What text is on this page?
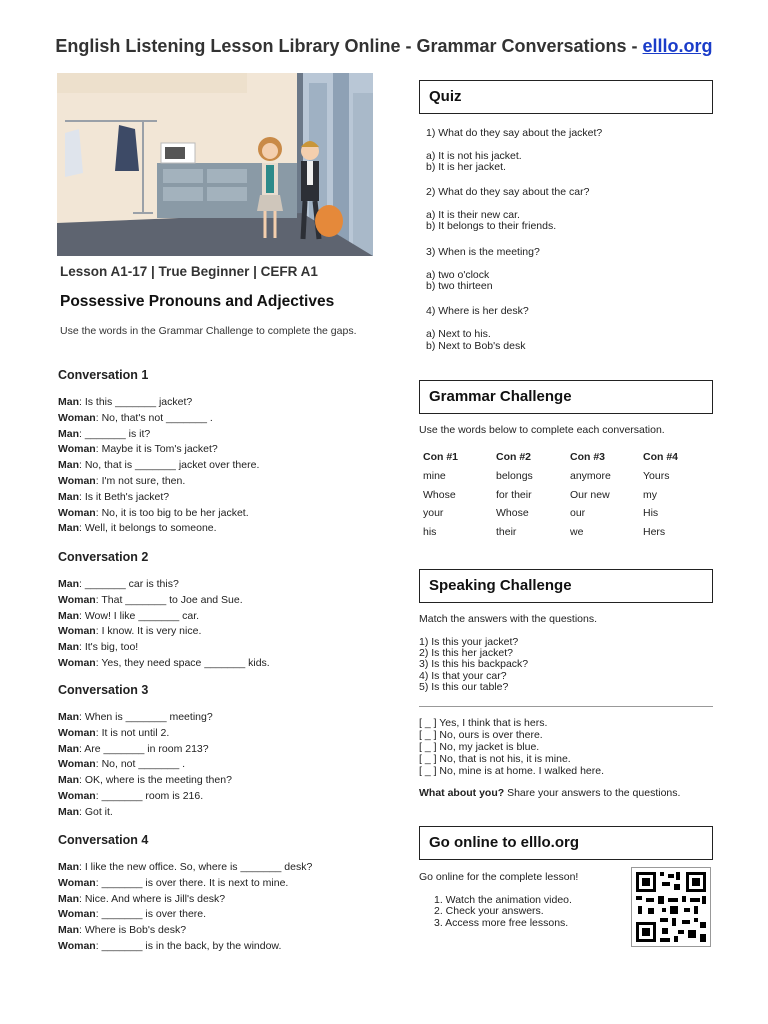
English Listening Lesson Library Online - Grammar Conversations - elllo.org
Lesson A1-17 | True Beginner | CEFR A1
Possessive Pronouns and Adjectives
Use the words in the Grammar Challenge to complete the gaps.
Conversation 1
Man: Is this _______ jacket?
Woman: No, that's not _______ .
Man: _______ is it?
Woman: Maybe it is Tom's jacket?
Man: No, that is _______ jacket over there.
Woman: I'm not sure, then.
Man: Is it Beth's jacket?
Woman: No, it is too big to be her jacket.
Man: Well, it belongs to someone.
Conversation 2
Man: _______ car is this?
Woman: That _______ to Joe and Sue.
Man: Wow! I like _______ car.
Woman: I know. It is very nice.
Man: It's big, too!
Woman: Yes, they need space _______ kids.
Conversation 3
Man: When is _______ meeting?
Woman: It is not until 2.
Man: Are _______ in room 213?
Woman: No, not _______ .
Man: OK, where is the meeting then?
Woman: _______ room is 216.
Man: Got it.
Conversation 4
Man: I like the new office. So, where is _______ desk?
Woman: _______ is over there. It is next to mine.
Man: Nice. And where is Jill's desk?
Woman: _______ is over there.
Man: Where is Bob's desk?
Woman: _______ is in the back, by the window.
Quiz
1) What do they say about the jacket?
a) It is not his jacket.
b) It is her jacket.
2) What do they say about the car?
a) It is their new car.
b) It belongs to their friends.
3) When is the meeting?
a) two o'clock
b) two thirteen
4) Where is her desk?
a) Next to his.
b) Next to Bob's desk
Grammar Challenge
Use the words below to complete each conversation.
Con #1
mine
Whose
your
his
Con #2
belongs
for their
Whose
their
Con #3
anymore
Our new
our
we
Con #4
Yours
my
His
Hers
Speaking Challenge
Match the answers with the questions.
1) Is this your jacket?
2) Is this her jacket?
3) Is this his backpack?
4) Is that your car?
5) Is this our table?
[ _ ] Yes, I think that is hers.
[ _ ] No, ours is over there.
[ _ ] No, my jacket is blue.
[ _ ] No, that is not his, it is mine.
[ _ ] No, mine is at home. I walked here.
What about you? Share your answers to the questions.
Go online to elllo.org
Go online for the complete lesson!
1. Watch the animation video.
2. Check your answers.
3. Access more free lessons.
